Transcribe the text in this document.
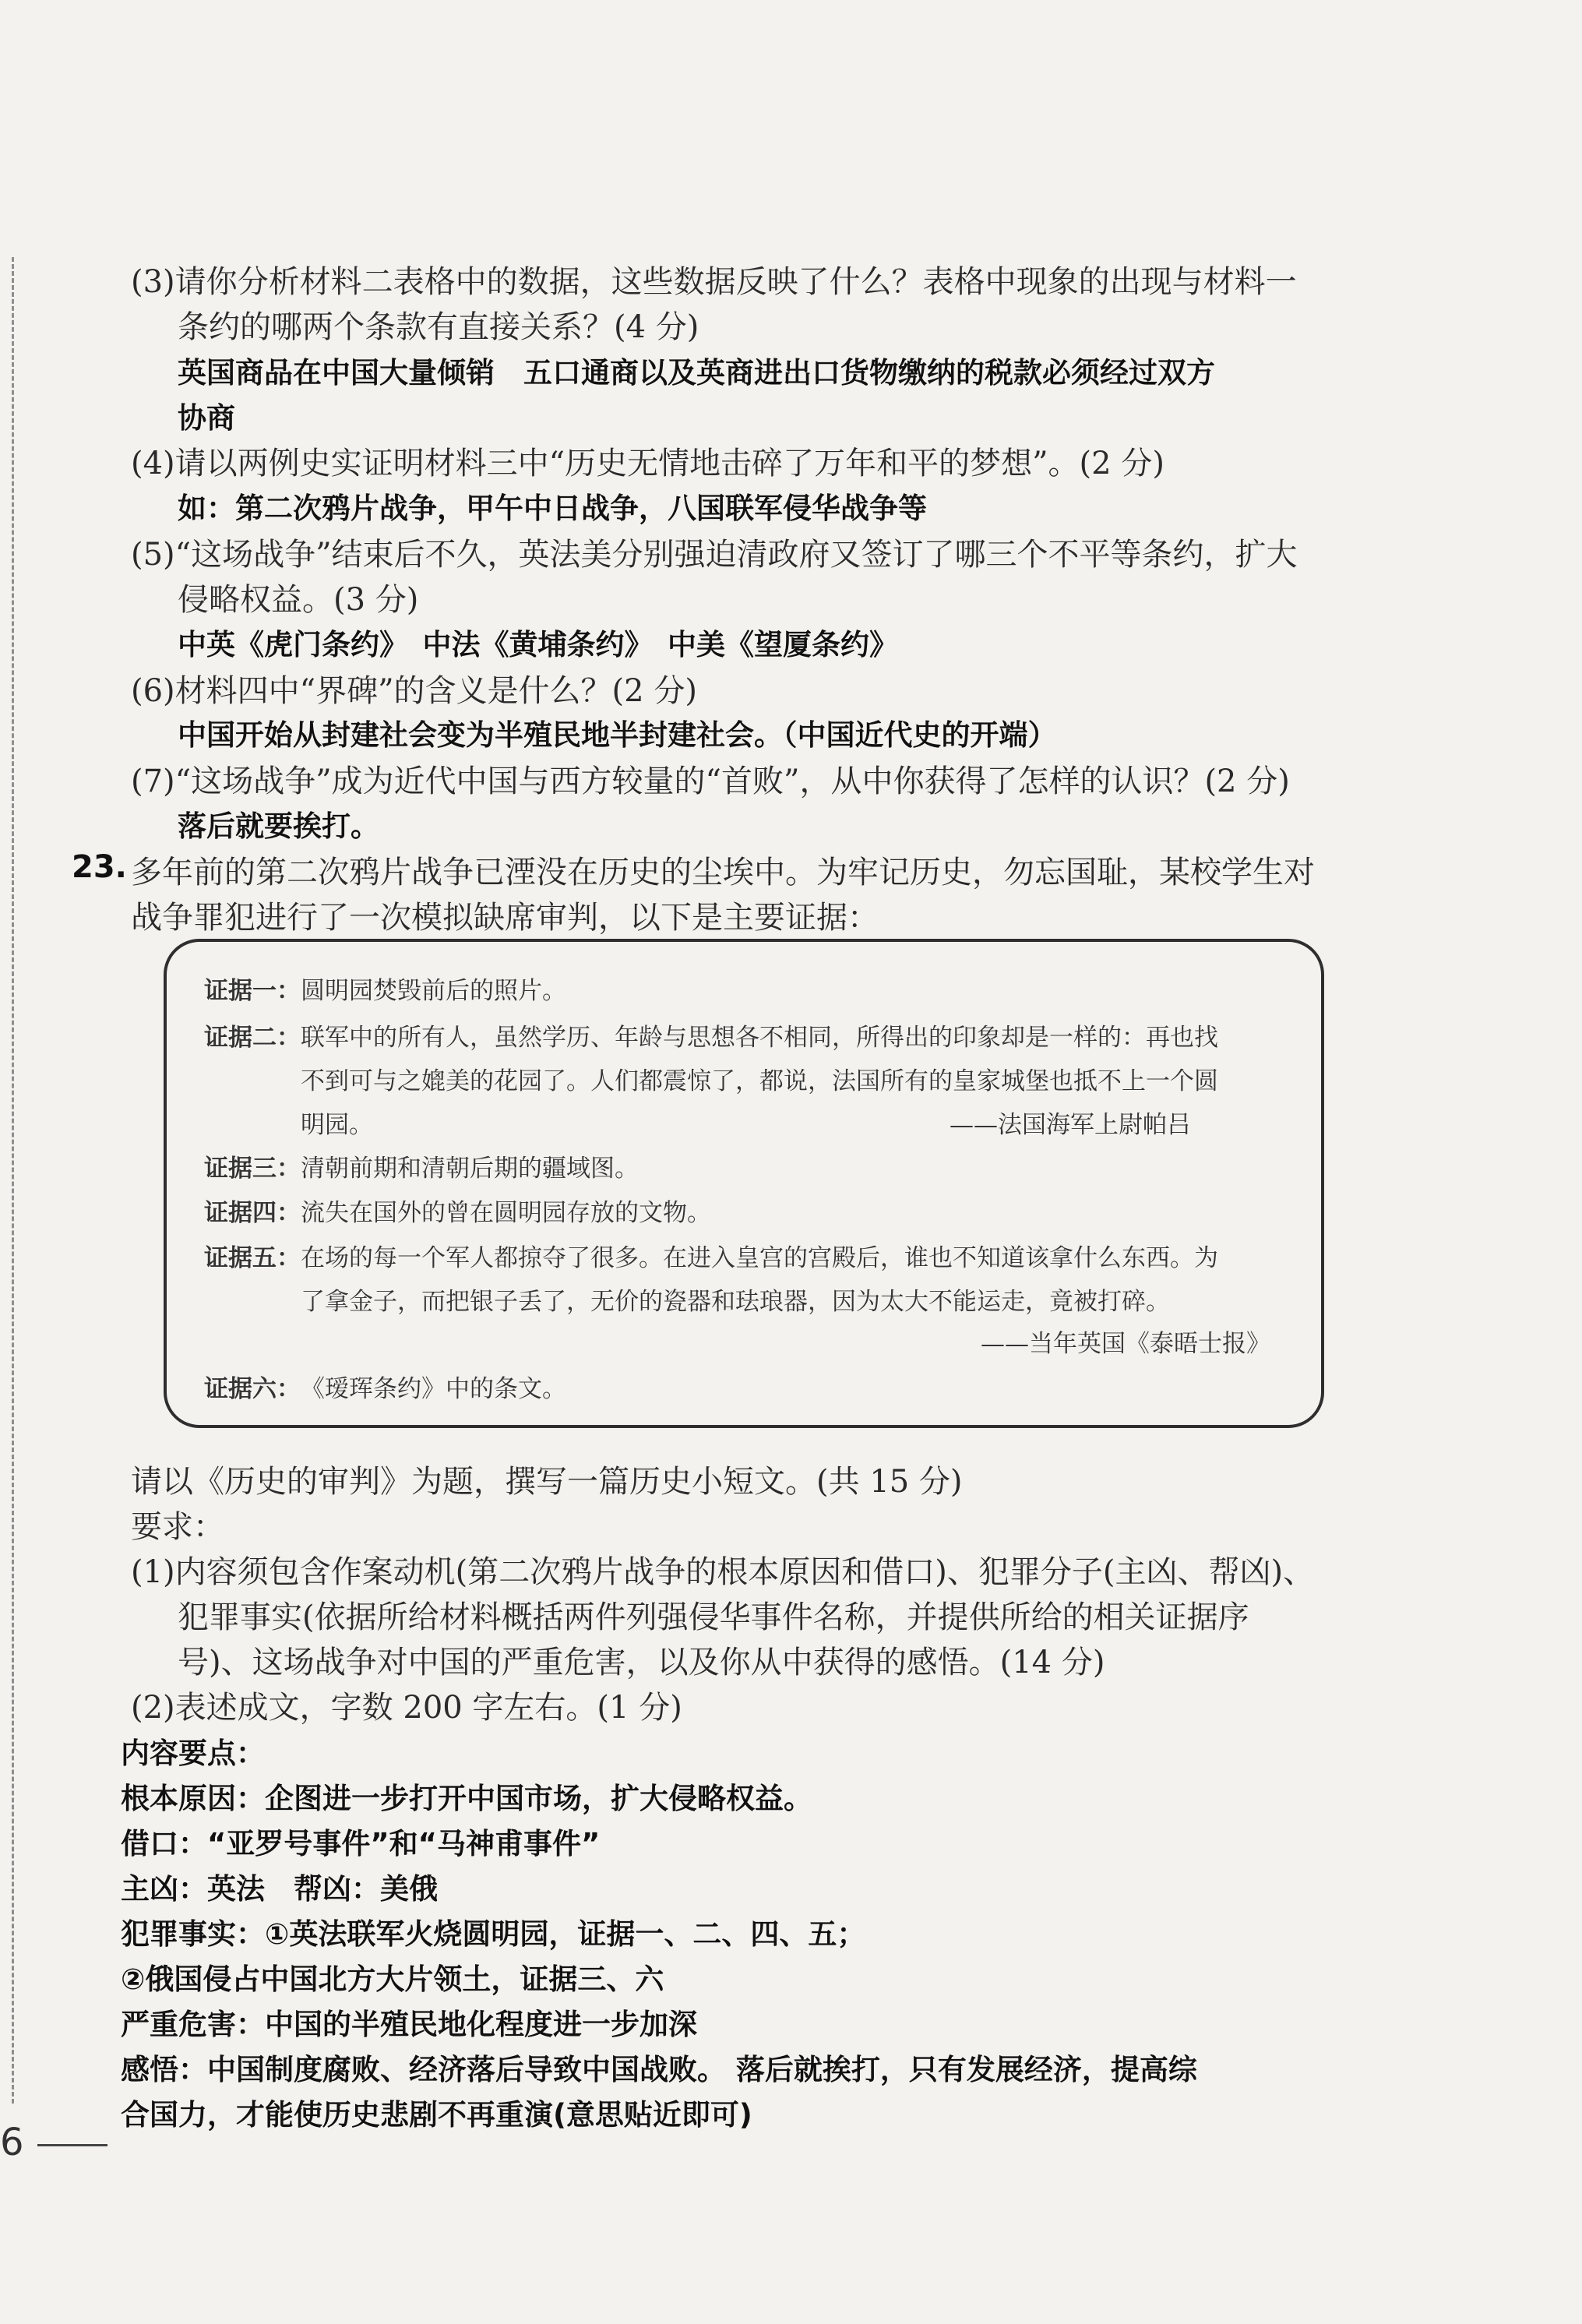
(3)请你分析材料二表格中的数据，这些数据反映了什么？表格中现象的出现与材料一
条约的哪两个条款有直接关系？(4 分)
英国商品在中国大量倾销　五口通商以及英商进出口货物缴纳的税款必须经过双方
协商
(4)请以两例史实证明材料三中“历史无情地击碎了万年和平的梦想”。(2 分)
如：第二次鸦片战争，甲午中日战争，八国联军侵华战争等
(5)“这场战争”结束后不久，英法美分别强迫清政府又签订了哪三个不平等条约，扩大
侵略权益。(3 分)
中英《虎门条约》　中法《黄埔条约》　中美《望厦条约》
(6)材料四中“界碑”的含义是什么？(2 分)
中国开始从封建社会变为半殖民地半封建社会。（中国近代史的开端）
(7)“这场战争”成为近代中国与西方较量的“首败”，从中你获得了怎样的认识？(2 分)
落后就要挨打。
23. 多年前的第二次鸦片战争已湮没在历史的尘埃中。为牢记历史，勿忘国耻，某校学生对
战争罪犯进行了一次模拟缺席审判，以下是主要证据：
证据一： 圆明园焚毁前后的照片。
证据二： 联军中的所有人，虽然学历、年龄与思想各不相同，所得出的印象却是一样的：再也找
不到可与之媲美的花园了。人们都震惊了，都说，法国所有的皇家城堡也抵不上一个圆
明园。	——法国海军上尉帕吕
证据三： 清朝前期和清朝后期的疆域图。
证据四： 流失在国外的曾在圆明园存放的文物。
证据五： 在场的每一个军人都掠夺了很多。在进入皇宫的宫殿后，谁也不知道该拿什么东西。为
了拿金子，而把银子丢了，无价的瓷器和珐琅器，因为太大不能运走，竟被打碎。
——当年英国《泰晤士报》
证据六： 《瑷珲条约》中的条文。
请以《历史的审判》为题，撰写一篇历史小短文。(共 15 分)
要求：
(1)内容须包含作案动机(第二次鸦片战争的根本原因和借口)、犯罪分子(主凶、帮凶)、
犯罪事实(依据所给材料概括两件列强侵华事件名称，并提供所给的相关证据序
号)、这场战争对中国的严重危害，以及你从中获得的感悟。(14 分)
(2)表述成文，字数 200 字左右。(1 分)
内容要点：
根本原因：企图进一步打开中国市场，扩大侵略权益。
借口：“亚罗号事件”和“马神甫事件”
主凶：英法　帮凶：美俄
犯罪事实：①英法联军火烧圆明园，证据一、二、四、五；
②俄国侵占中国北方大片领土，证据三、六
严重危害：中国的半殖民地化程度进一步加深
感悟：中国制度腐败、经济落后导致中国战败。 落后就挨打，只有发展经济，提高综
合国力，才能使历史悲剧不再重演(意思贴近即可)
6
